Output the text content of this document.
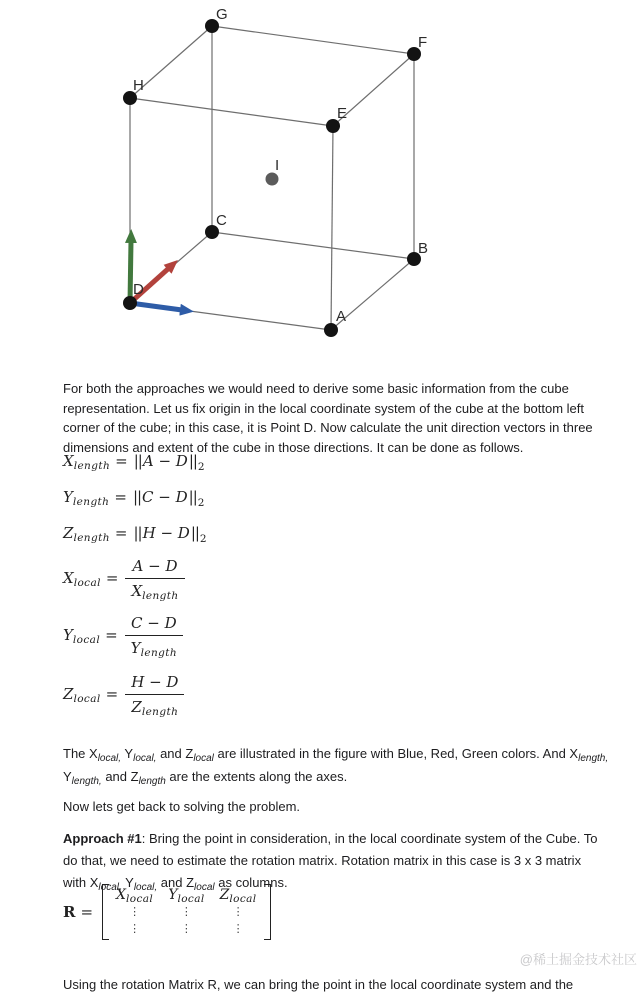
A
B
C
D
E
F
G
H
I

For both the approaches we would need to derive some basic information from the cube representation. Let us fix origin in the local coordinate system of the cube at the bottom left corner of the cube; in this case, it is Point D. Now calculate the unit direction vectors in three dimensions and extent of the cube in those directions. It can be done as follows.

$X_{length} = ||A - D||_2$
$Y_{length} = ||C - D||_2$
$Z_{length} = ||H - D||_2$
$X_{local} = \frac{A - D}{X_{length}}$
$Y_{local} = \frac{C - D}{Y_{length}}$
$Z_{local} = \frac{H - D}{Z_{length}}$

The $X_{local,}$ $Y_{local,}$ and $Z_{local}$ are illustrated in the figure with Blue, Red, Green colors. And $X_{length,}$ $Y_{length,}$ and $Z_{length}$ are the extents along the axes.

Now lets get back to solving the problem.

Approach #1: Bring the point in consideration, in the local coordinate system of the Cube. To do that, we need to estimate the rotation matrix. Rotation matrix in this case is 3 x 3 matrix with $X_{local,}$ $Y_{local,}$ and $Z_{local}$ as columns.

R =
$X_{local}$
⋮
⋮
$Y_{local}$
⋮
⋮
$Z_{local}$
⋮
⋮

Using the rotation Matrix R, we can bring the point in the local coordinate system and the

@稀土掘金技术社区
